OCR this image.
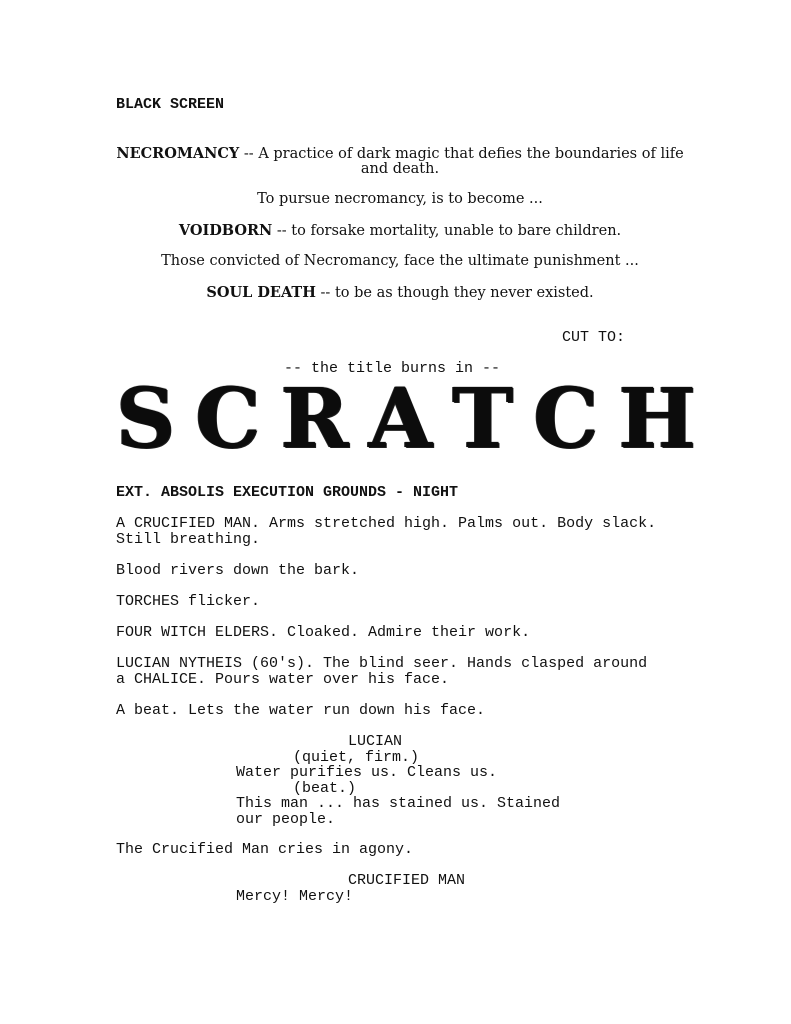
BLACK SCREEN

NECROMANCY -- A practice of dark magic that defies the boundaries of life and death.

To pursue necromancy, is to become ...

VOIDBORN -- to forsake mortality, unable to bare children.

Those convicted of Necromancy, face the ultimate punishment ...

SOUL DEATH -- to be as though they never existed.

CUT TO:

-- the title burns in --

S C R A T C H

EXT. ABSOLIS EXECUTION GROUNDS - NIGHT

A CRUCIFIED MAN. Arms stretched high. Palms out. Body slack.
Still breathing.

Blood rivers down the bark.

TORCHES flicker.

FOUR WITCH ELDERS. Cloaked. Admire their work.

LUCIAN NYTHEIS (60's). The blind seer. Hands clasped around
a CHALICE. Pours water over his face.

A beat. Lets the water run down his face.

LUCIAN

(quiet, firm.)

Water purifies us. Cleans us.

(beat.)

This man ... has stained us. Stained
our people.

The Crucified Man cries in agony.

CRUCIFIED MAN

Mercy! Mercy!
